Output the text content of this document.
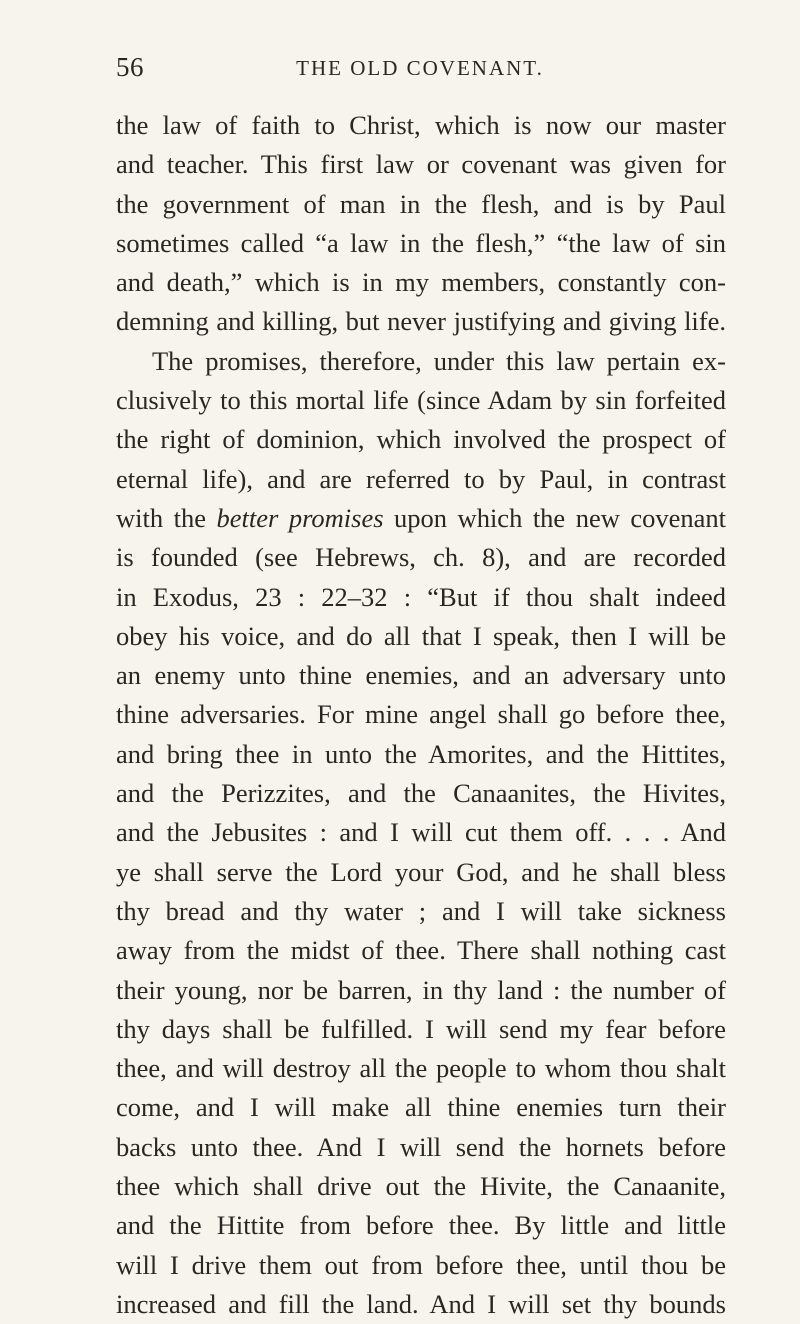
56	THE OLD COVENANT.
the law of faith to Christ, which is now our master
and teacher. This first law or covenant was given for
the government of man in the flesh, and is by Paul
sometimes called “a law in the flesh,” “the law of sin
and death,” which is in my members, constantly con-
demning and killing, but never justifying and giving life.
The promises, therefore, under this law pertain ex-
clusively to this mortal life (since Adam by sin forfeited
the right of dominion, which involved the prospect of
eternal life), and are referred to by Paul, in contrast
with the better promises upon which the new covenant
is founded (see Hebrews, ch. 8), and are recorded
in Exodus, 23 : 22–32 : “But if thou shalt indeed
obey his voice, and do all that I speak, then I will be
an enemy unto thine enemies, and an adversary unto
thine adversaries. For mine angel shall go before thee,
and bring thee in unto the Amorites, and the Hittites,
and the Perizzites, and the Canaanites, the Hivites,
and the Jebusites : and I will cut them off. . . . And
ye shall serve the Lord your God, and he shall bless
thy bread and thy water ; and I will take sickness
away from the midst of thee. There shall nothing cast
their young, nor be barren, in thy land : the number of
thy days shall be fulfilled. I will send my fear before
thee, and will destroy all the people to whom thou shalt
come, and I will make all thine enemies turn their
backs unto thee. And I will send the hornets before
thee which shall drive out the Hivite, the Canaanite,
and the Hittite from before thee. By little and little
will I drive them out from before thee, until thou be
increased and fill the land. And I will set thy bounds
